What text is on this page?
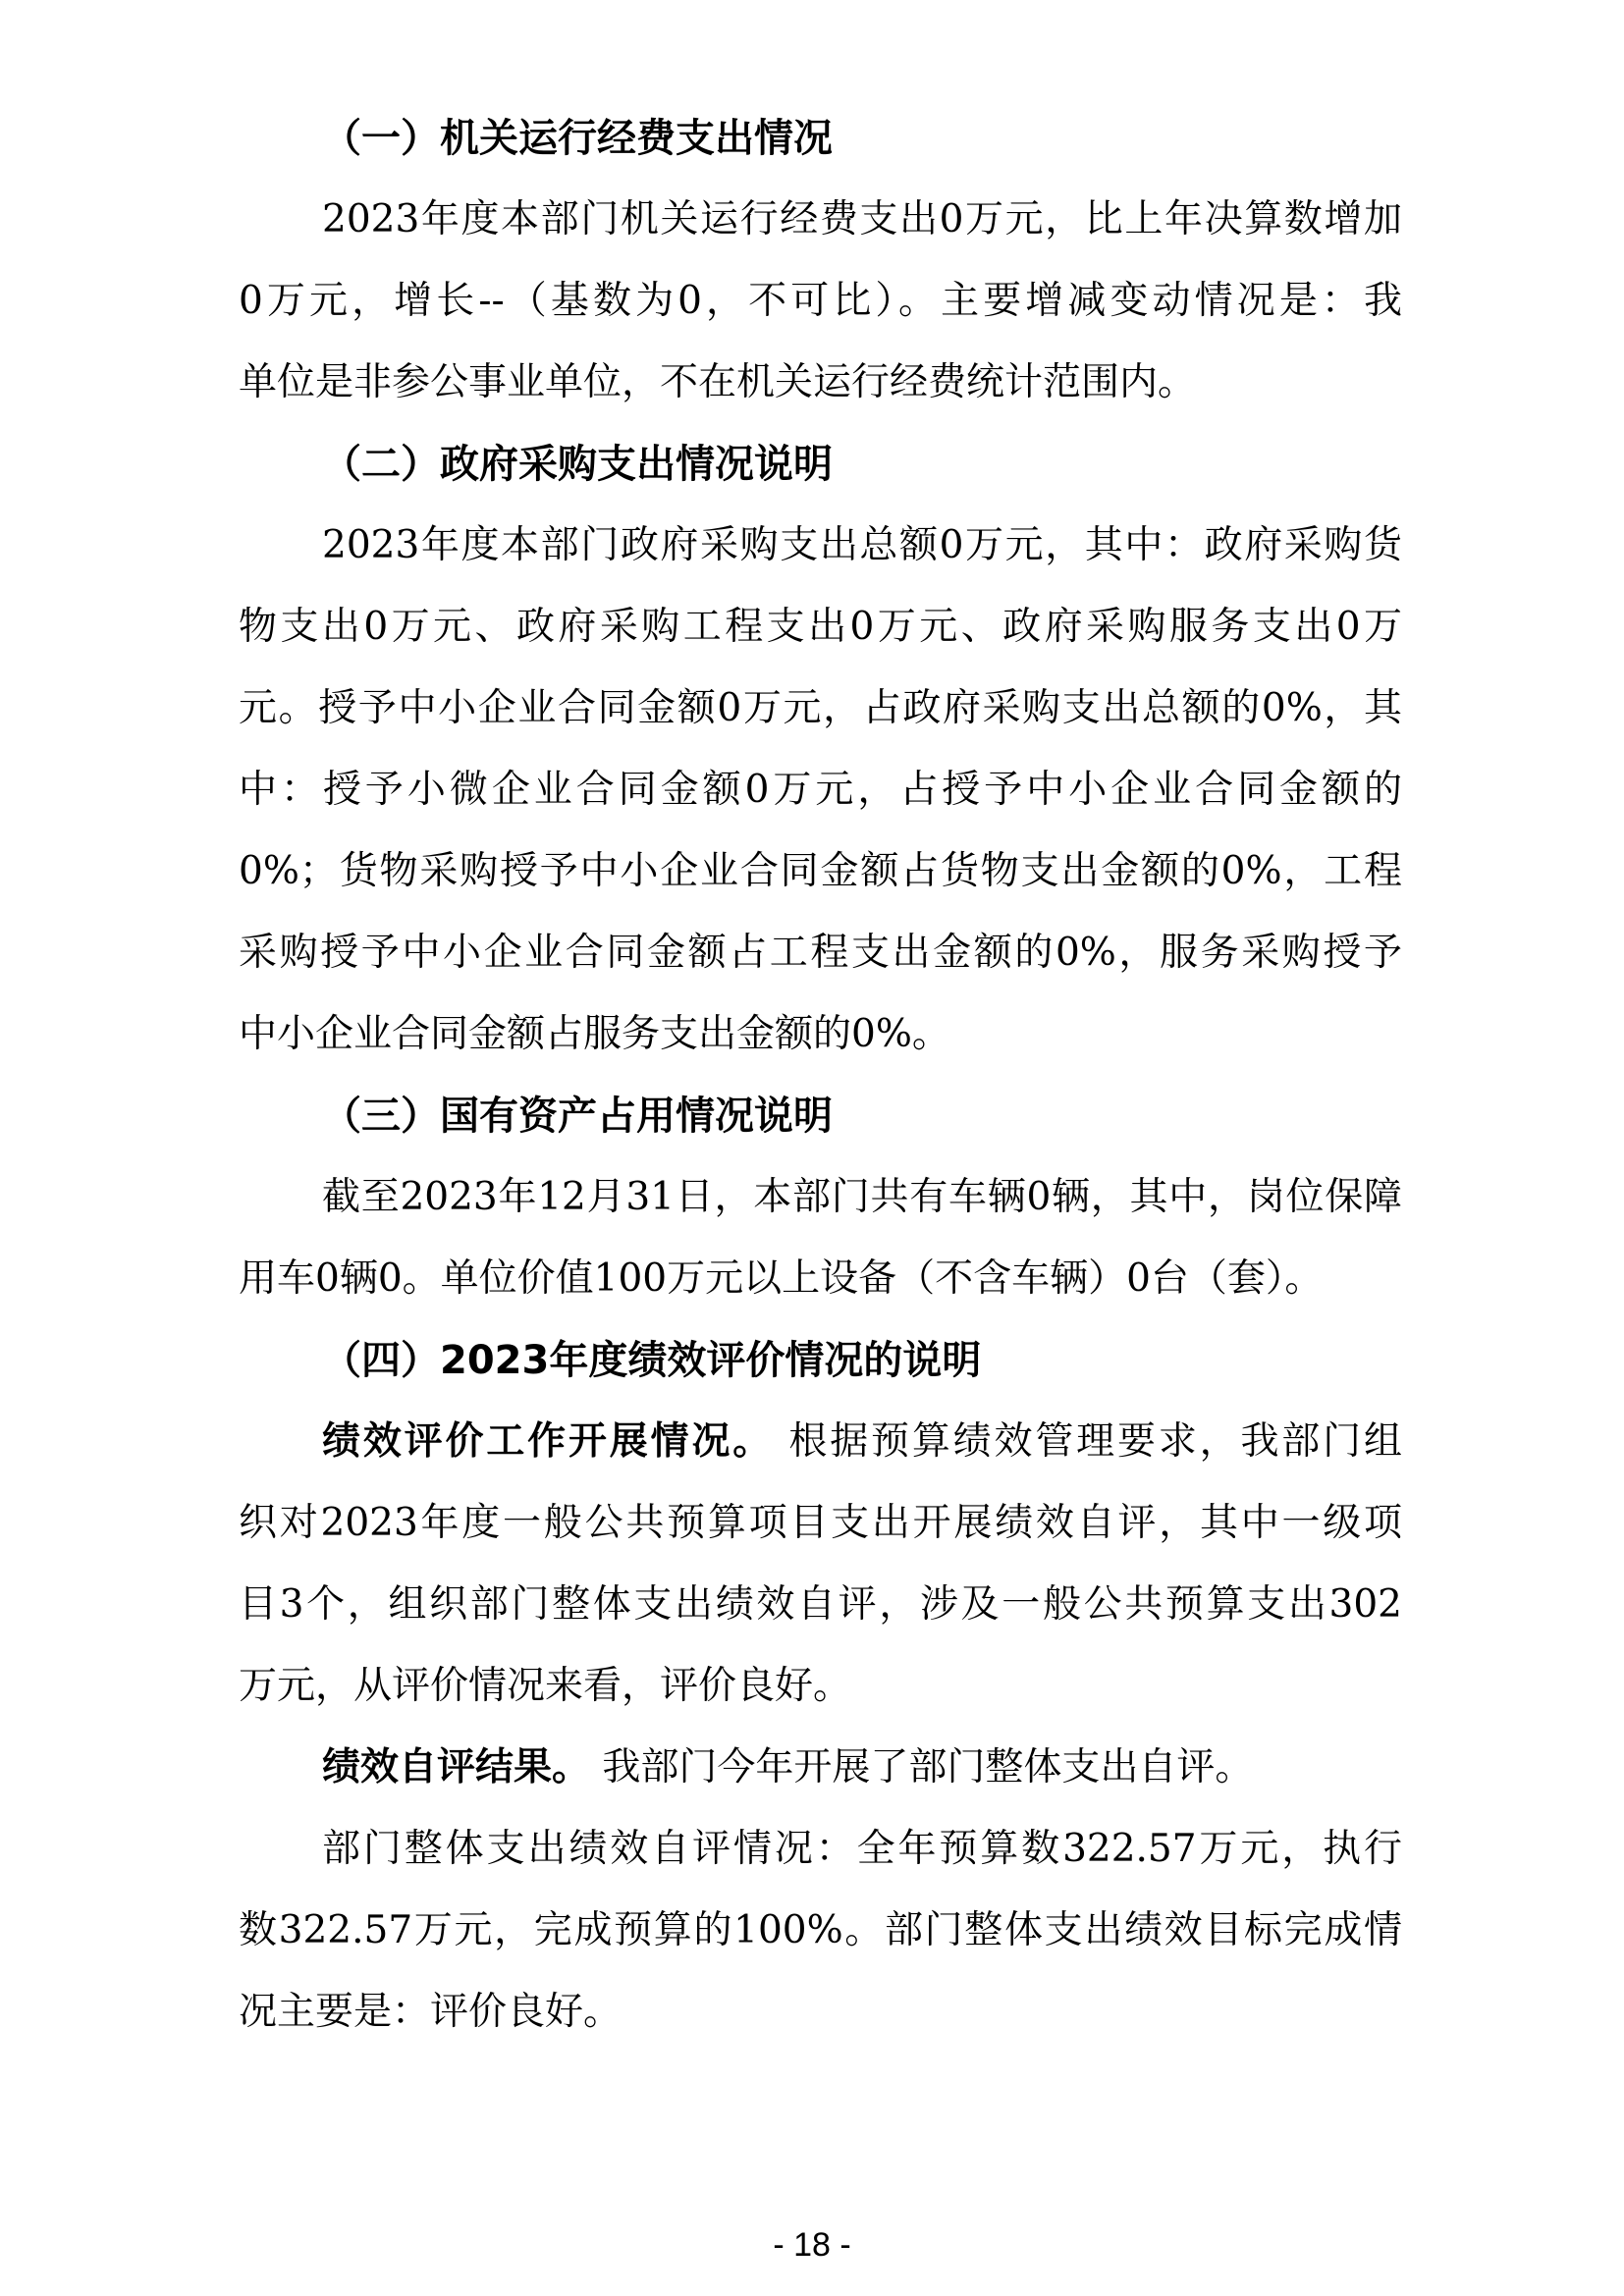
（一）机关运行经费支出情况
2023年度本部门机关运行经费支出0万元，比上年决算数增加
0万元，增长--（基数为0，不可比）。主要增减变动情况是：我
单位是非参公事业单位，不在机关运行经费统计范围内。
（二）政府采购支出情况说明
2023年度本部门政府采购支出总额0万元，其中：政府采购货
物支出0万元、政府采购工程支出0万元、政府采购服务支出0万
元。授予中小企业合同金额0万元，占政府采购支出总额的0%，其
中：授予小微企业合同金额0万元，占授予中小企业合同金额的
0%；货物采购授予中小企业合同金额占货物支出金额的0%，工程
采购授予中小企业合同金额占工程支出金额的0%，服务采购授予
中小企业合同金额占服务支出金额的0%。
（三）国有资产占用情况说明
截至2023年12月31日，本部门共有车辆0辆，其中，岗位保障
用车0辆0。单位价值100万元以上设备（不含车辆）0台（套）。
（四）2023年度绩效评价情况的说明
绩效评价工作开展情况。 根据预算绩效管理要求，我部门组
织对2023年度一般公共预算项目支出开展绩效自评，其中一级项
目3个，组织部门整体支出绩效自评，涉及一般公共预算支出302
万元，从评价情况来看，评价良好。
绩效自评结果。 我部门今年开展了部门整体支出自评。
部门整体支出绩效自评情况：全年预算数322.57万元，执行
数322.57万元，完成预算的100%。部门整体支出绩效目标完成情
况主要是：评价良好。
- 18 -
